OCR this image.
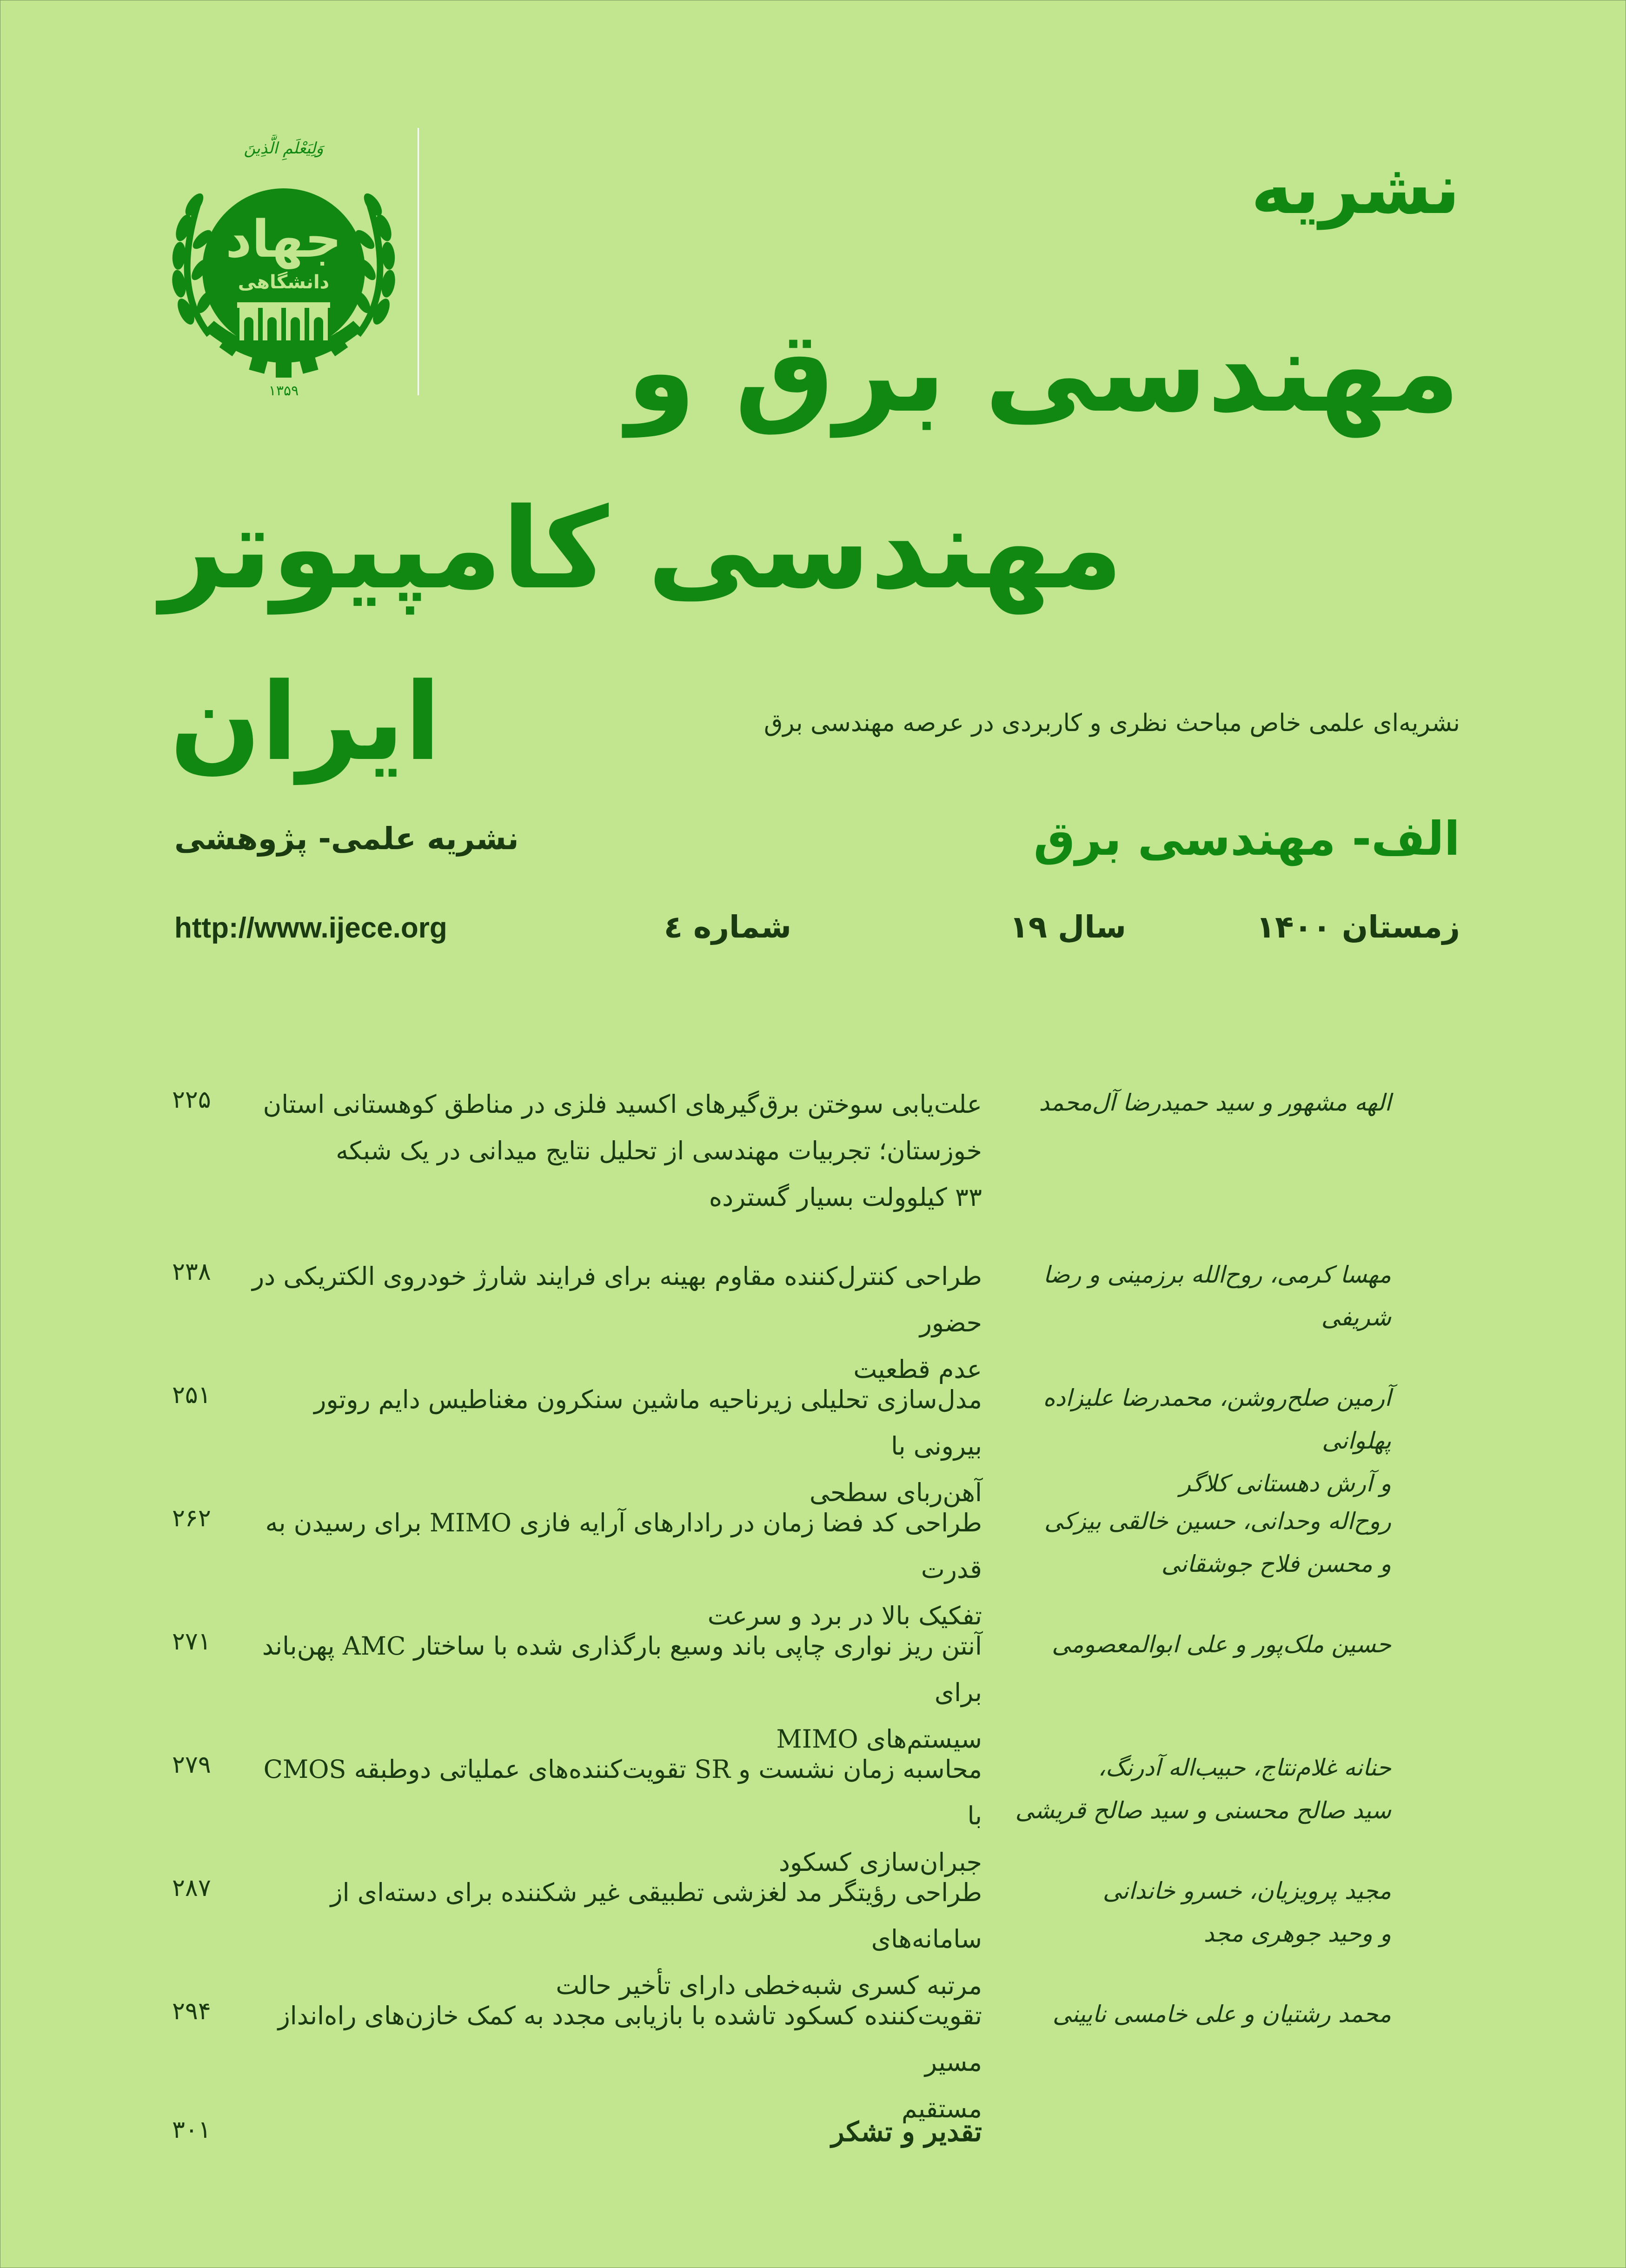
وَلِيَعْلَمِ الَّذِينَ
۱۳۵۹
جهاد
دانشگاهی
نشریه
مهندسی برق و
مهندسی کامپیوتر
ایران	نشریه‌ای علمی خاص مباحث نظری و کاربردی در عرصه مهندسی برق
الف- مهندسی برق
نشریه علمی- پژوهشی
زمستان ۱۴۰۰
سال ۱۹
شماره ٤
http://www.ijece.org
الهه مشهور و سید حمیدرضا آل‌محمد
علت‌یابی سوختن برق‌گیرهای اکسید فلزی در مناطق کوهستانی استان
خوزستان؛ تجربیات مهندسی از تحلیل نتایج میدانی در یک شبکه
۳۳ کیلوولت بسیار گسترده
۲۲۵
مهسا کرمی، روح‌الله برزمینی و رضا شریفی
طراحی کنترل‌کننده مقاوم بهینه برای فرایند شارژ خودروی الکتریکی در حضور
عدم قطعیت
۲۳۸
آرمین صلح‌روشن، محمدرضا علیزاده پهلوانی
و آرش دهستانی کلاگر
مدل‌سازی تحلیلی زیرناحیه ماشین سنکرون مغناطیس دایم روتور بیرونی با
آهن‌ربای سطحی
۲۵۱
روح‌اله وحدانی، حسین خالقی بیزکی
و محسن فلاح جوشقانی
طراحی کد فضا زمان در رادارهای آرایه فازی MIMO برای رسیدن به قدرت
تفکیک بالا در برد و سرعت
۲۶۲
حسین ملک‌پور و علی ابوالمعصومی
آنتن ریز نواری چاپی باند وسیع بارگذاری شده با ساختار AMC پهن‌باند برای
سیستم‌های MIMO
۲۷۱
حنانه غلام‌نتاج، حبیب‌اله آدرنگ،
سید صالح محسنی و سید صالح قریشی
محاسبه زمان نشست و SR تقویت‌کننده‌های عملیاتی دوطبقه CMOS با
جبران‌سازی کسکود
۲۷۹
مجید پرویزیان، خسرو خاندانی
و وحید جوهری مجد
طراحی رؤیتگر مد لغزشی تطبیقی غیر شکننده برای دسته‌ای از سامانه‌های
مرتبه کسری شبه‌خطی دارای تأخیر حالت
۲۸۷
محمد رشتیان و علی خامسی نایینی
تقویت‌کننده کسکود تاشده با بازیابی مجدد به کمک خازن‌های راه‌انداز مسیر
مستقیم
۲۹۴
تقدیر و تشکر
۳۰۱
